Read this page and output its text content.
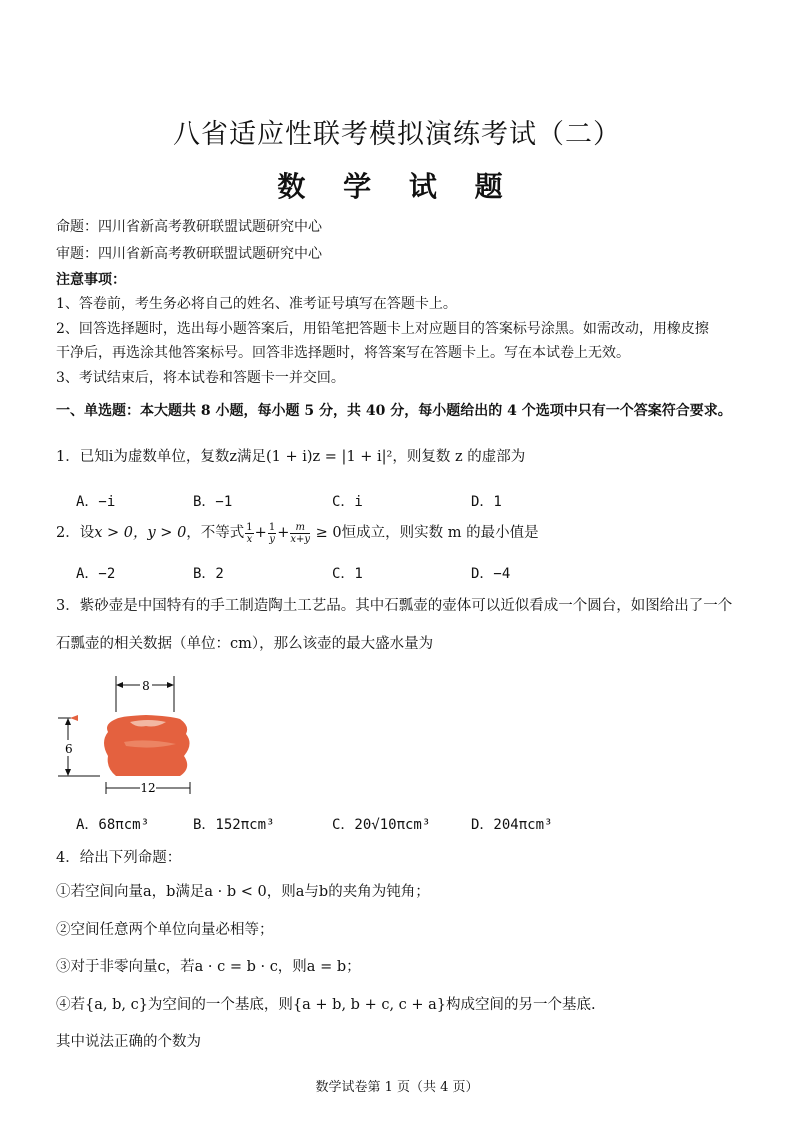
八省适应性联考模拟演练考试（二）
数 学 试 题
命题：四川省新高考教研联盟试题研究中心
审题：四川省新高考教研联盟试题研究中心
注意事项：
1、答卷前，考生务必将自己的姓名、准考证号填写在答题卡上。
2、回答选择题时，选出每小题答案后，用铅笔把答题卡上对应题目的答案标号涂黑。如需改动，用橡皮擦
干净后，再选涂其他答案标号。回答非选择题时，将答案写在答题卡上。写在本试卷上无效。
3、考试结束后，将本试卷和答题卡一并交回。
一、单选题：本大题共 8 小题，每小题 5 分，共 40 分，每小题给出的 4 个选项中只有一个答案符合要求。
1．已知i为虚数单位，复数z满足(1 + i)z = |1 + i|²，则复数 z 的虚部为
A．−i	B．−1	C．i	D．1
2．设x > 0，y > 0，不等式 $\frac{1}{x} + \frac{1}{y} + \frac{m}{x+y} \ge 0$恒成立，则实数 m 的最小值是
A．−2	B．2	C．1	D．−4
3．紫砂壶是中国特有的手工制造陶土工艺品。其中石瓢壶的壶体可以近似看成一个圆台，如图给出了一个
石瓢壶的相关数据（单位：cm），那么该壶的最大盛水量为
8
6
12
A．68πcm³	B．152πcm³	C．20√10πcm³	D．204πcm³
4．给出下列命题：
①若空间向量a，b满足a · b < 0，则a与b的夹角为钝角；
②空间任意两个单位向量必相等；
③对于非零向量c，若a · c = b · c，则a = b；
④若{a, b, c}为空间的一个基底，则{a + b, b + c, c + a}构成空间的另一个基底.
其中说法正确的个数为
数学试卷第 1 页（共 4 页）
